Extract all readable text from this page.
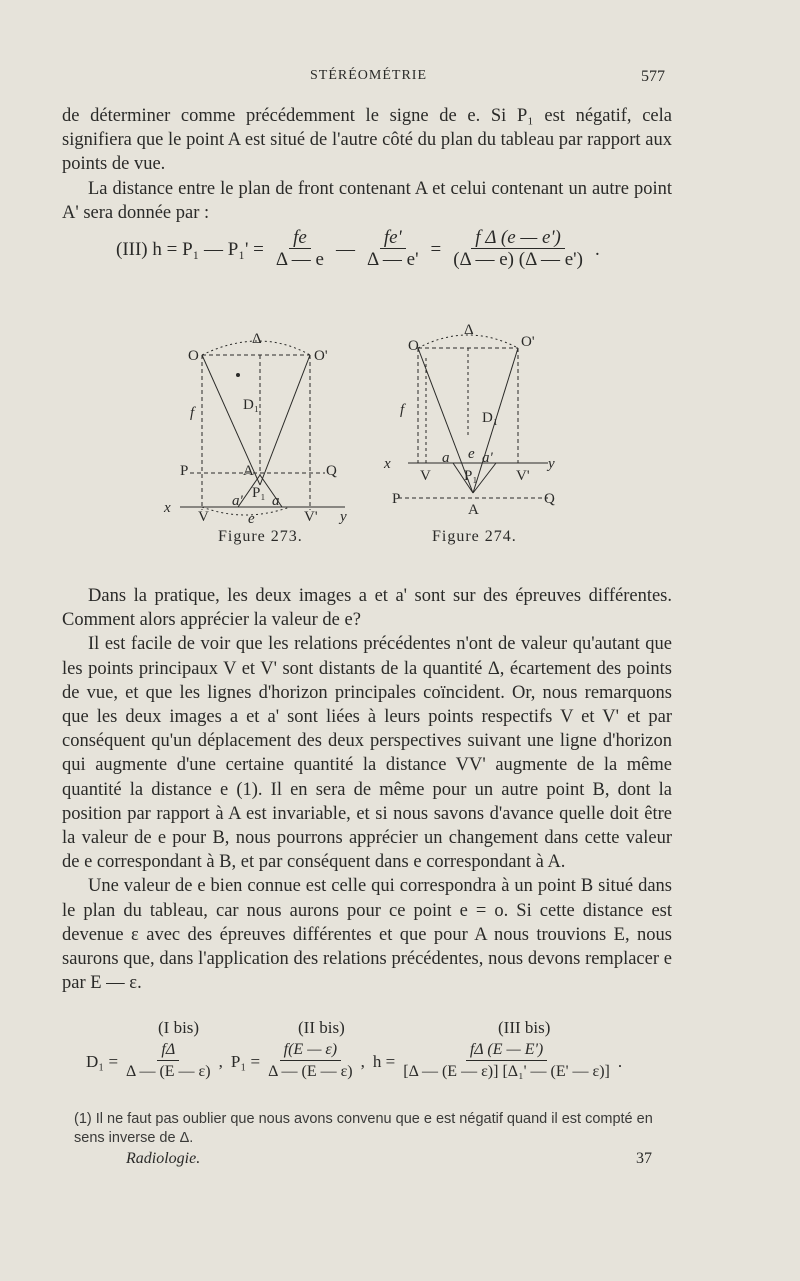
STÉRÉOMÉTRIE	577

de déterminer comme précédemment le signe de e. Si P₁ est négatif, cela signifiera que le point A est situé de l'autre côté du plan du tableau par rapport aux points de vue.

La distance entre le plan de front contenant A et celui contenant un autre point A' sera donnée par :

(III) h = P₁ — $P_1' = \frac{fe}{\Delta — e}$ — $\frac{fe'}{\Delta — e'} = \frac{\text{f Δ (e — e')}}{(\Delta — e) (\Delta — e')}$ .
Δ
O	O'
f	D₁
P	A	Q
x
V	V' y
a' P₁ a
e
Δ
O	O'
f	D₁
x	a e a'	y
V P₁	V'
P	Q
A
Figure 273.	Figure 274.

Dans la pratique, les deux images a et a' sont sur des épreuves différentes. Comment alors apprécier la valeur de e?

Il est facile de voir que les relations précédentes n'ont de valeur qu'autant que les points principaux V et V' sont distants de la quantité Δ, écartement des points de vue, et que les lignes d'horizon principales coïncident. Or, nous remarquons que les deux images a et a' sont liées à leurs points respectifs V et V' et par conséquent qu'un déplacement des deux perspectives suivant une ligne d'horizon qui augmente d'une certaine quantité la distance VV' augmente de la même quantité la distance e (1). Il en sera de même pour un autre point B, dont la position par rapport à A est invariable, et si nous savons d'avance quelle doit être la valeur de e pour B, nous pourrons apprécier un changement dans cette valeur de e correspondant à B, et par conséquent dans e correspondant à A.

Une valeur de e bien connue est celle qui correspondra à un point B situé dans le plan du tableau, car nous aurons pour ce point e = o. Si cette distance est devenue ε avec des épreuves différentes et que pour A nous trouvions E, nous saurons que, dans l'application des relations précédentes, nous devons remplacer e par E — ε.

(I bis)	(II bis)	(III bis)
$D_1 = \frac{f\Delta}{\Delta — (E — \varepsilon)}$ , $P_1 = \frac{f(E — \varepsilon)}{\Delta — (E — \varepsilon)}$ , $h = \frac{f\Delta (E — E')}{\text{[Δ — (E — ε)] [Δ₁' — (E' — ε)]}}$ .
(1) Il ne faut pas oublier que nous avons convenu que e est négatif quand il est compté en sens inverse de Δ.
Radiologie.	37
